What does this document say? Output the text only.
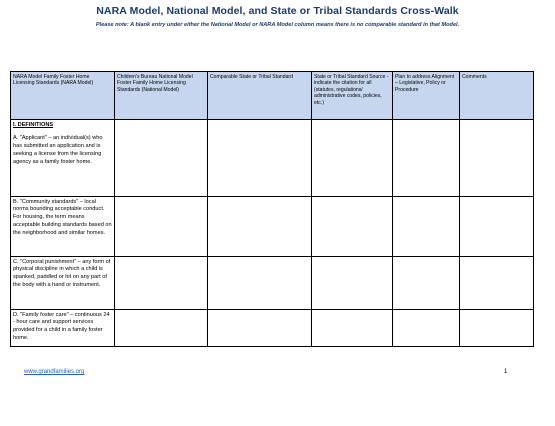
NARA Model, National Model, and State or Tribal Standards Cross-Walk
Please note: A blank entry under either the National Model or NARA Model column means there is no comparable standard in that Model.
NARA Model Family Foster Home Licensing Standards (NARA Model)	Children's Bureau National Model Foster Family Home Licensing Standards (National Model)	Comparable State or Tribal Standard	State or Tribal Standard Source - indicate the citation for all (statutes, regulations/ administrative codes, policies, etc.)	Plan to address Alignment – Legislative, Policy or Procedure	Comments

I. DEFINITIONS
A. "Applicant" – an individual(s) who has submitted an application and is seeking a license from the licensing agency as a family foster home.					

B. "Community standards" – local norms bounding acceptable conduct. For housing, the term means acceptable building standards based on the neighborhood and similar homes.					

C. "Corporal punishment" – any form of physical discipline in which a child is spanked, paddled or hit on any part of the body with a hand or instrument.					

D. "Family foster care" – continuous 24 - hour care and support services provided for a child in a family foster home.					

www.grandfamilies.org	1
